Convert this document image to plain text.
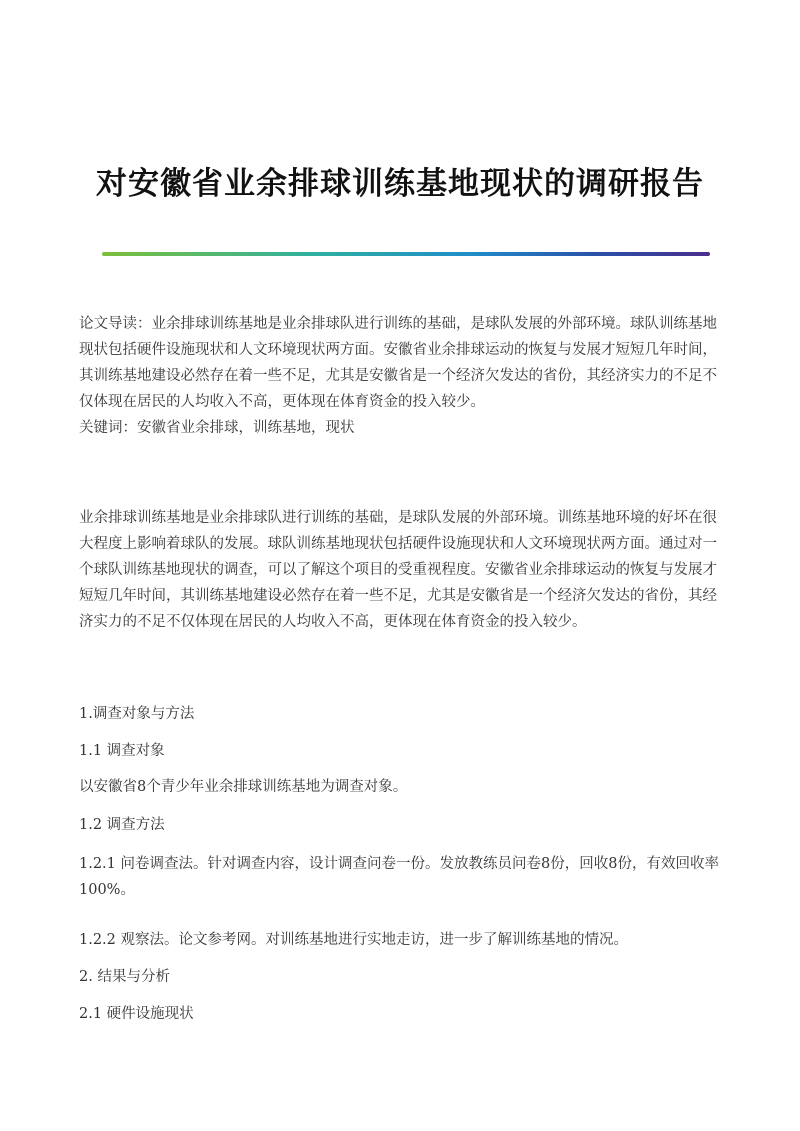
对安徽省业余排球训练基地现状的调研报告

论文导读：业余排球训练基地是业余排球队进行训练的基础，是球队发展的外部环境。球队训练基地现状包括硬件设施现状和人文环境现状两方面。安徽省业余排球运动的恢复与发展才短短几年时间，其训练基地建设必然存在着一些不足，尤其是安徽省是一个经济欠发达的省份，其经济实力的不足不仅体现在居民的人均收入不高，更体现在体育资金的投入较少。

关键词：安徽省业余排球，训练基地，现状

业余排球训练基地是业余排球队进行训练的基础，是球队发展的外部环境。训练基地环境的好坏在很大程度上影响着球队的发展。球队训练基地现状包括硬件设施现状和人文环境现状两方面。通过对一个球队训练基地现状的调查，可以了解这个项目的受重视程度。安徽省业余排球运动的恢复与发展才短短几年时间，其训练基地建设必然存在着一些不足，尤其是安徽省是一个经济欠发达的省份，其经济实力的不足不仅体现在居民的人均收入不高，更体现在体育资金的投入较少。

1.调查对象与方法
1.1 调查对象
以安徽省8个青少年业余排球训练基地为调查对象。
1.2 调查方法
1.2.1 问卷调查法。针对调查内容，设计调查问卷一份。发放教练员问卷8份，回收8份，有效回收率100%。
1.2.2 观察法。论文参考网。对训练基地进行实地走访，进一步了解训练基地的情况。
2. 结果与分析
2.1 硬件设施现状
